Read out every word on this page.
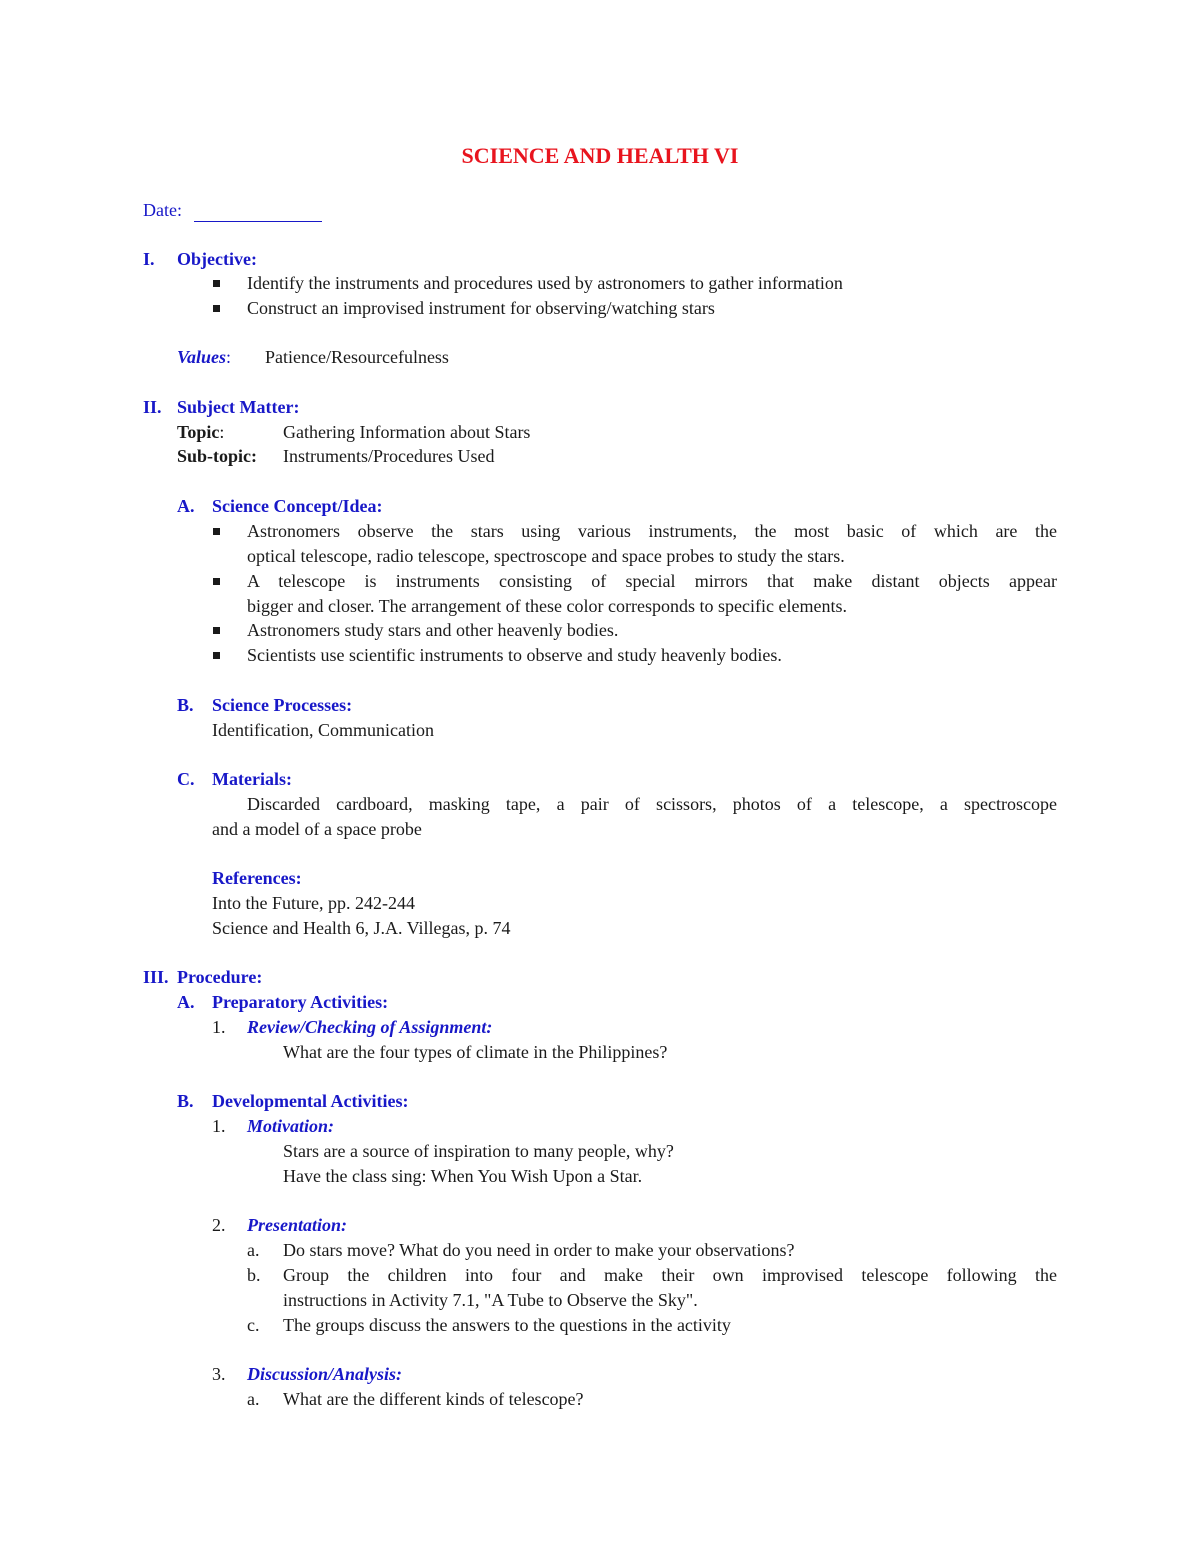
SCIENCE AND HEALTH VI
Date:
I. Objective:
Identify the instruments and procedures used by astronomers to gather information
Construct an improvised instrument for observing/watching stars
Values: Patience/Resourcefulness
II. Subject Matter:
Topic:	Gathering Information about Stars
Sub-topic: Instruments/Procedures Used
A. Science Concept/Idea:
Astronomers observe the stars using various instruments, the most basic of which are the
optical telescope, radio telescope, spectroscope and space probes to study the stars.
A telescope is instruments consisting of special mirrors that make distant objects appear
bigger and closer. The arrangement of these color corresponds to specific elements.
Astronomers study stars and other heavenly bodies.
Scientists use scientific instruments to observe and study heavenly bodies.
B. Science Processes:
Identification, Communication
C. Materials:
Discarded cardboard, masking tape, a pair of scissors, photos of a telescope, a spectroscope
and a model of a space probe
References:
Into the Future, pp. 242-244
Science and Health 6, J.A. Villegas, p. 74
III. Procedure:
A. Preparatory Activities:
1. Review/Checking of Assignment:
What are the four types of climate in the Philippines?
B. Developmental Activities:
1. Motivation:
Stars are a source of inspiration to many people, why?
Have the class sing: When You Wish Upon a Star.
2. Presentation:
a. Do stars move? What do you need in order to make your observations?
b. Group the children into four and make their own improvised telescope following the
instructions in Activity 7.1, "A Tube to Observe the Sky".
c. The groups discuss the answers to the questions in the activity
3. Discussion/Analysis:
a. What are the different kinds of telescope?
